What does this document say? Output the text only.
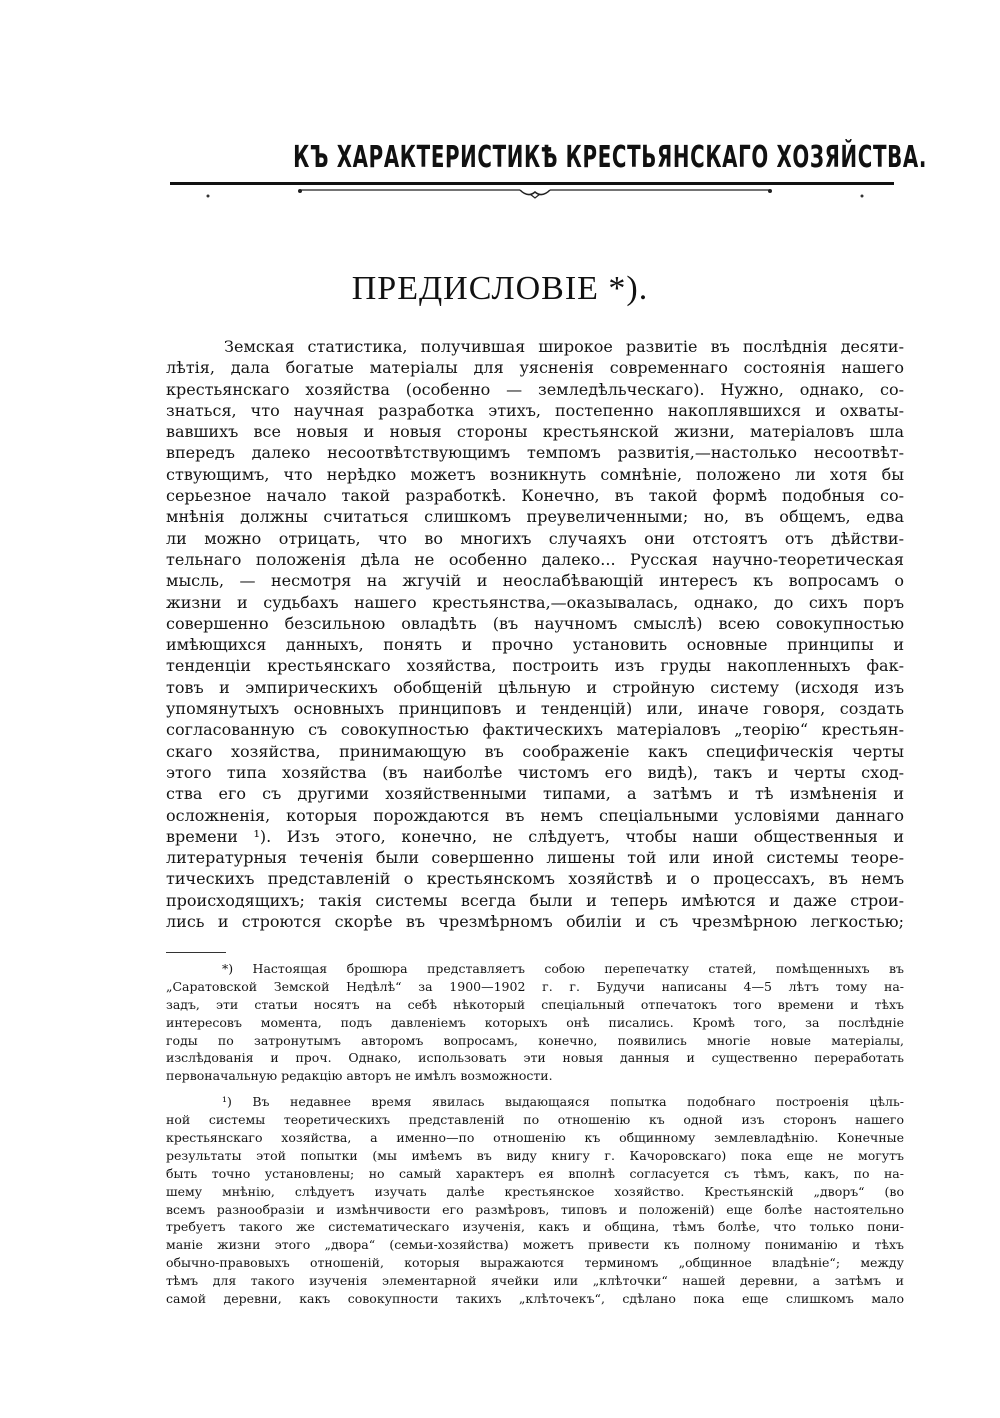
КЪ ХАРАКТЕРИСТИКѢ КРЕСТЬЯНСКАГО ХОЗЯЙСТВА.
ПРЕДИСЛОВІЕ *).
Земская статистика, получившая широкое развитіе въ послѣднія десяти-
лѣтія, дала богатые матеріалы для уясненія современнаго состоянія нашего
крестьянскаго хозяйства (особенно — земледѣльческаго). Нужно, однако, со-
знаться, что научная разработка этихъ, постепенно накоплявшихся и охваты-
вавшихъ все новыя и новыя стороны крестьянской жизни, матеріаловъ шла
впередъ далеко несоотвѣтствующимъ темпомъ развитія,—настолько несоотвѣт-
ствующимъ, что нерѣдко можетъ возникнуть сомнѣніе, положено ли хотя бы
серьезное начало такой разработкѣ. Конечно, въ такой формѣ подобныя со-
мнѣнія должны считаться слишкомъ преувеличенными; но, въ общемъ, едва
ли можно отрицать, что во многихъ случаяхъ они отстоятъ отъ дѣйстви-
тельнаго положенія дѣла не особенно далеко... Русская научно-теоретическая
мысль, — несмотря на жгучій и неослабѣвающій интересъ къ вопросамъ о
жизни и судьбахъ нашего крестьянства,—оказывалась, однако, до сихъ поръ
совершенно безсильною овладѣть (въ научномъ смыслѣ) всею совокупностью
имѣющихся данныхъ, понять и прочно установить основные принципы и
тенденціи крестьянскаго хозяйства, построить изъ груды накопленныхъ фак-
товъ и эмпирическихъ обобщеній цѣльную и стройную систему (исходя изъ
упомянутыхъ основныхъ принциповъ и тенденцій) или, иначе говоря, создать
согласованную съ совокупностью фактическихъ матеріаловъ „теорію“ крестьян-
скаго хозяйства, принимающую въ соображеніе какъ специфическія черты
этого типа хозяйства (въ наиболѣе чистомъ его видѣ), такъ и черты сход-
ства его съ другими хозяйственными типами, а затѣмъ и тѣ измѣненія и
осложненія, которыя порождаются въ немъ спеціальными условіями даннаго
времени ¹). Изъ этого, конечно, не слѣдуетъ, чтобы наши общественныя и
литературныя теченія были совершенно лишены той или иной системы теоре-
тическихъ представленій о крестьянскомъ хозяйствѣ и о процессахъ, въ немъ
происходящихъ; такія системы всегда были и теперь имѣются и даже строи-
лись и строются скорѣе въ чрезмѣрномъ обиліи и съ чрезмѣрною легкостью;
*) Настоящая брошюра представляетъ собою перепечатку статей, помѣщенныхъ въ
„Саратовской Земской Недѣлѣ“ за 1900—1902 г. г. Будучи написаны 4—5 лѣтъ тому на-
задъ, эти статьи носятъ на себѣ нѣкоторый спеціальный отпечатокъ того времени и тѣхъ
интересовъ момента, подъ давленіемъ которыхъ онѣ писались. Кромѣ того, за послѣдніе
годы по затронутымъ авторомъ вопросамъ, конечно, появились многіе новые матеріалы,
изслѣдованія и проч. Однако, использовать эти новыя данныя и существенно переработать
первоначальную редакцію авторъ не имѣлъ возможности.
¹) Въ недавнее время явилась выдающаяся попытка подобнаго построенія цѣль-
ной системы теоретическихъ представленій по отношенію къ одной изъ сторонъ нашего
крестьянскаго хозяйства, а именно—по отношенію къ общинному землевладѣнію. Конечные
результаты этой попытки (мы имѣемъ въ виду книгу г. Качоровскаго) пока еще не могутъ
быть точно установлены; но самый характеръ ея вполнѣ согласуется съ тѣмъ, какъ, по на-
шему мнѣнію, слѣдуетъ изучать далѣе крестьянское хозяйство. Крестьянскій „дворъ“ (во
всемъ разнообразіи и измѣнчивости его размѣровъ, типовъ и положеній) еще болѣе настоятельно
требуетъ такого же систематическаго изученія, какъ и община, тѣмъ болѣе, что только пони-
маніе жизни этого „двора“ (семьи-хозяйства) можетъ привести къ полному пониманію и тѣхъ
обычно-правовыхъ отношеній, которыя выражаются терминомъ „общинное владѣніе“; между
тѣмъ для такого изученія элементарной ячейки или „клѣточки“ нашей деревни, а затѣмъ и
самой деревни, какъ совокупности такихъ „клѣточекъ“, сдѣлано пока еще слишкомъ мало
